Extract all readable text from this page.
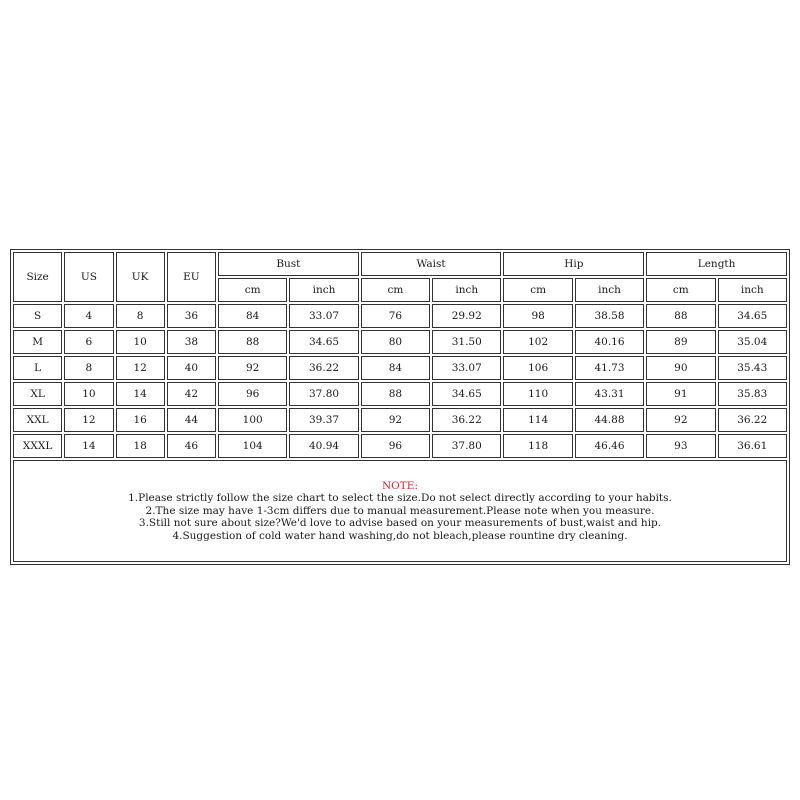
Size	US	UK	EU	Bust		Waist		Hip		Length	
				cm	inch	cm	inch	cm	inch	cm	inch
S	4	8	36	84	33.07	76	29.92	98	38.58	88	34.65
M	6	10	38	88	34.65	80	31.50	102	40.16	89	35.04
L	8	12	40	92	36.22	84	33.07	106	41.73	90	35.43
XL	10	14	42	96	37.80	88	34.65	110	43.31	91	35.83
XXL	12	16	44	100	39.37	92	36.22	114	44.88	92	36.22
XXXL	14	18	46	104	40.94	96	37.80	118	46.46	93	36.61

NOTE:
1.Please strictly follow the size chart to select the size.Do not select directly according to your habits.
2.The size may have 1-3cm differs due to manual measurement.Please note when you measure.
3.Still not sure about size?We'd love to advise based on your measurements of bust,waist and hip.
4.Suggestion of cold water hand washing,do not bleach,please rountine dry cleaning.											
